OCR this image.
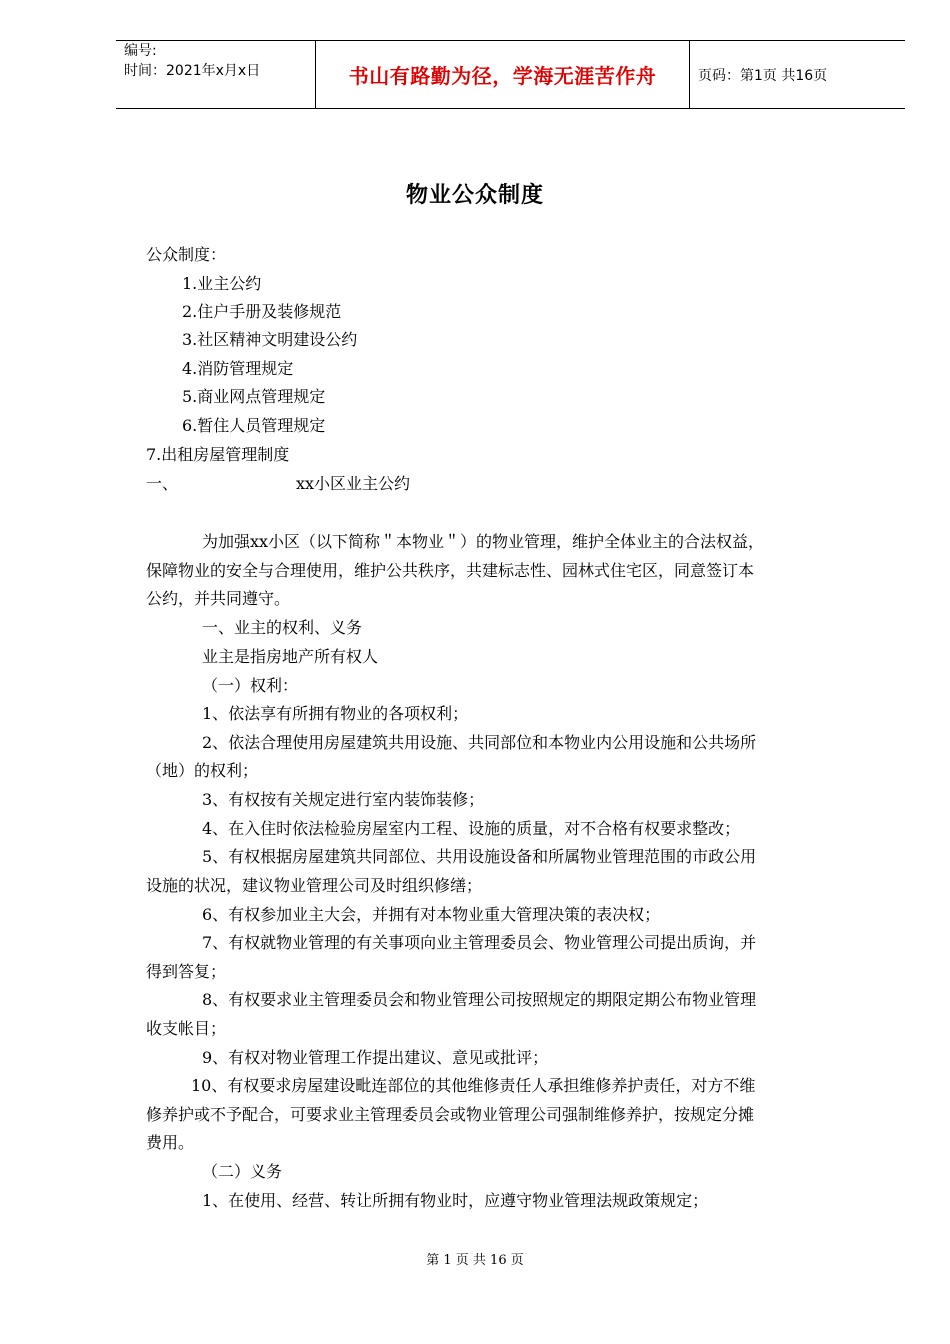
编号:
时间：2021年x月x日	书山有路勤为径，学海无涯苦作舟	页码：第1页 共16页
物业公众制度
公众制度：
1.业主公约
2.住户手册及装修规范
3.社区精神文明建设公约
4.消防管理规定
5.商业网点管理规定
6.暂住人员管理规定
7.出租房屋管理制度
一、	xx小区业主公约
为加强xx小区（以下简称＂本物业＂）的物业管理，维护全体业主的合法权益，
保障物业的安全与合理使用，维护公共秩序，共建标志性、园林式住宅区，同意签订本
公约，并共同遵守。
一、业主的权利、义务
业主是指房地产所有权人
（一）权利：
1、依法享有所拥有物业的各项权利；
2、依法合理使用房屋建筑共用设施、共同部位和本物业内公用设施和公共场所
（地）的权利；
3、有权按有关规定进行室内装饰装修；
4、在入住时依法检验房屋室内工程、设施的质量，对不合格有权要求整改；
5、有权根据房屋建筑共同部位、共用设施设备和所属物业管理范围的市政公用
设施的状况，建议物业管理公司及时组织修缮；
6、有权参加业主大会，并拥有对本物业重大管理决策的表决权；
7、有权就物业管理的有关事项向业主管理委员会、物业管理公司提出质询，并
得到答复；
8、有权要求业主管理委员会和物业管理公司按照规定的期限定期公布物业管理
收支帐目；
9、有权对物业管理工作提出建议、意见或批评；
10、有权要求房屋建设毗连部位的其他维修责任人承担维修养护责任，对方不维
修养护或不予配合，可要求业主管理委员会或物业管理公司强制维修养护，按规定分摊
费用。
（二）义务
1、在使用、经营、转让所拥有物业时，应遵守物业管理法规政策规定；
第 1 页 共 16 页
